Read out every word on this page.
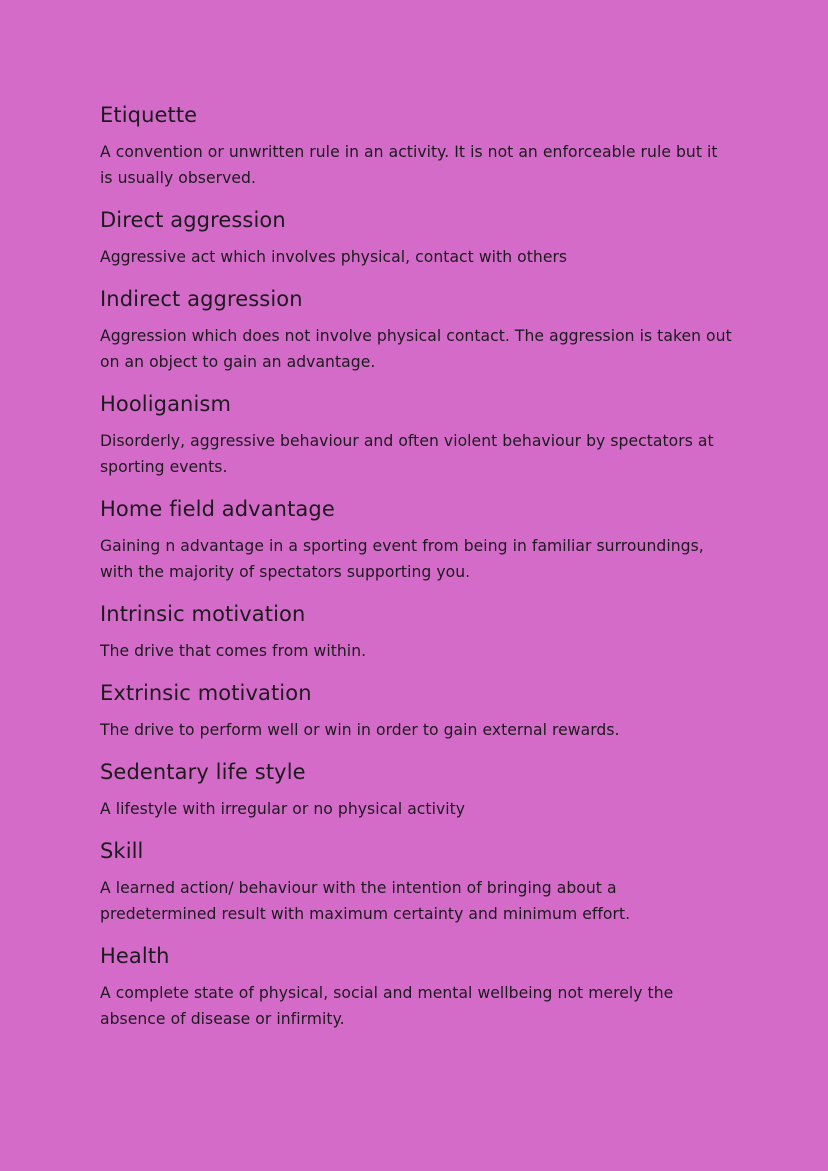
Etiquette

A convention or unwritten rule in an activity. It is not an enforceable rule but it is usually observed.

Direct aggression

Aggressive act which involves physical, contact with others

Indirect aggression

Aggression which does not involve physical contact. The aggression is taken out on an object to gain an advantage.

Hooliganism

Disorderly, aggressive behaviour and often violent behaviour by spectators at sporting events.

Home field advantage

Gaining n advantage in a sporting event from being in familiar surroundings, with the majority of spectators supporting you.

Intrinsic motivation

The drive that comes from within.

Extrinsic motivation

The drive to perform well or win in order to gain external rewards.

Sedentary life style

A lifestyle with irregular or no physical activity

Skill

A learned action/ behaviour with the intention of bringing about a predetermined result with maximum certainty and minimum effort.

Health

A complete state of physical, social and mental wellbeing not merely the absence of disease or infirmity.
